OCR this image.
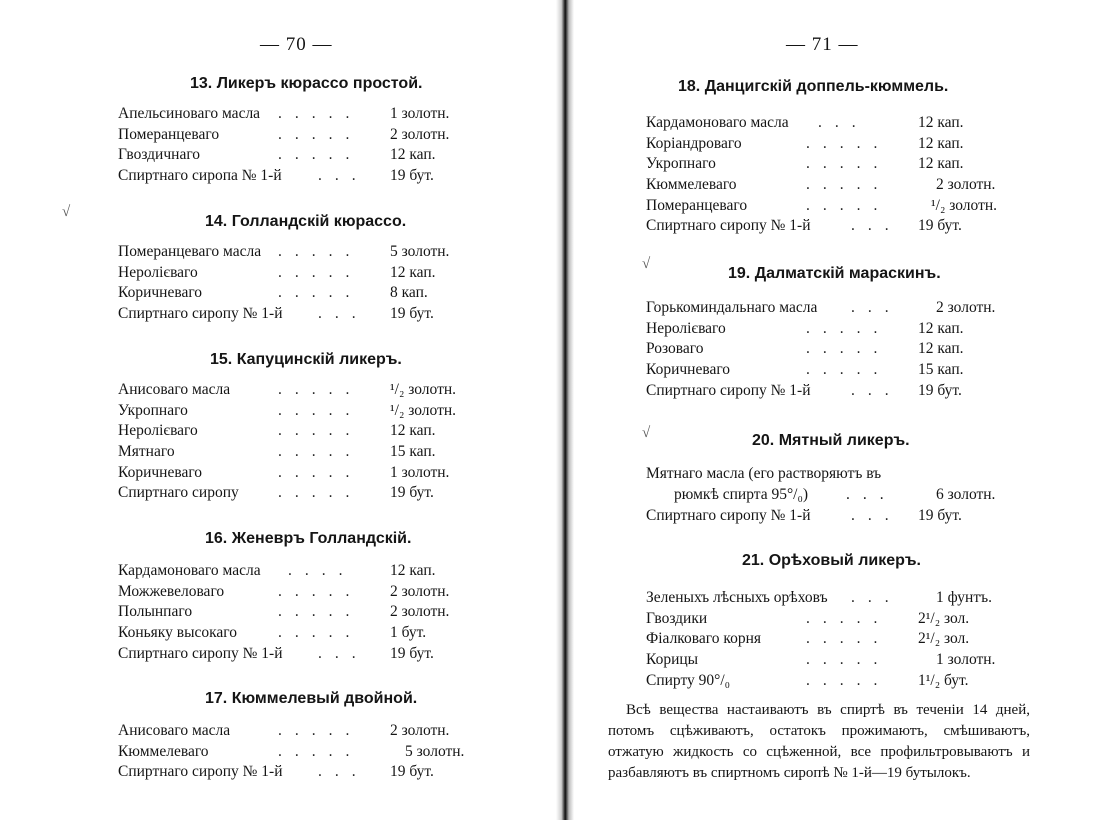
— 70 —
13. Ликеръ кюрассо простой.
Апельсиноваго масла .....	1 золотн.
Померанцеваго	.....	2 золотн.
Гвоздичнаго	.....	12 кап.
Спиртнаго сиропа № 1-й ...	19 бут.
14. Голландскій кюрассо.
Померанцеваго масла .....	5 золотн.
Неролієваго	.....	12 кап.
Коричневаго	.....	8 кап.
Спиртнаго сиропу № 1-й ...	19 бут.
15. Капуцинскій ликеръ.
Анисоваго масла	.....	¹/₂ золотн.
Укропнаго	.....	¹/₂ золотн.
Неролієваго	.....	12 кап.
Мятнаго	.....	15 кап.
Коричневаго	.....	1 золотн.
Спиртнаго сиропу	.....	19 бут.
16. Женевръ Голландскій.
Кардамоноваго масла ....	12 кап.
Можжевеловаго	.....	2 золотн.
Полынпаго	.....	2 золотн.
Коньяку высокаго	.....	1 бут.
Спиртнаго сиропу № 1-й ...	19 бут.
17. Кюммелевый двойной.
Анисоваго масла	.....	2 золотн.
Кюммелеваго	.....	5 золотн.
Спиртнаго сиропу № 1-й ...	19 бут.
√
— 71 —
18. Данцигскій доппель-кюммель.
Кардамоноваго масла ...	12 кап.
Коріандроваго	.....	12 кап.
Укропнаго	.....	12 кап.
Кюммелеваго	.....	2 золотн.
Померанцеваго	.....	¹/₂ золотн.
Спиртнаго сиропу № 1-й	...	19 бут.
√
19. Далматскій мараскинъ.
Горькоминдальнаго масла ...	2 золотн.
Неролієваго	.....	12 кап.
Розоваго	.....	12 кап.
Коричневаго	.....	15 кап.
Спиртнаго сиропу № 1-й	...	19 бут.
√	20. Мятный ликеръ.
Мятнаго масла (его растворяютъ въ
рюмкѣ спирта 95°/₀) ...	6 золотн.
Спиртнаго сиропу № 1-й	...	19 бут.
21. Орѣховый ликеръ.
Зеленыхъ лѣсныхъ орѣховъ ...	1 фунтъ.
Гвоздики	.....	2¹/₂ зол.
Фіалковаго корня	.....	2¹/₂ зол.
Корицы	.....	1 золотн.
Спирту 90°/₀	.....	1¹/₂ бут.
Всѣ вещества настаиваютъ въ спиртѣ въ теченіи 14 дней, потомъ сцѣживаютъ, остатокъ прожимаютъ, смѣшиваютъ, отжатую жидкость со сцѣженной, все профильтровываютъ и разбавляютъ въ спиртномъ сиропѣ № 1-й—19 бутылокъ.
